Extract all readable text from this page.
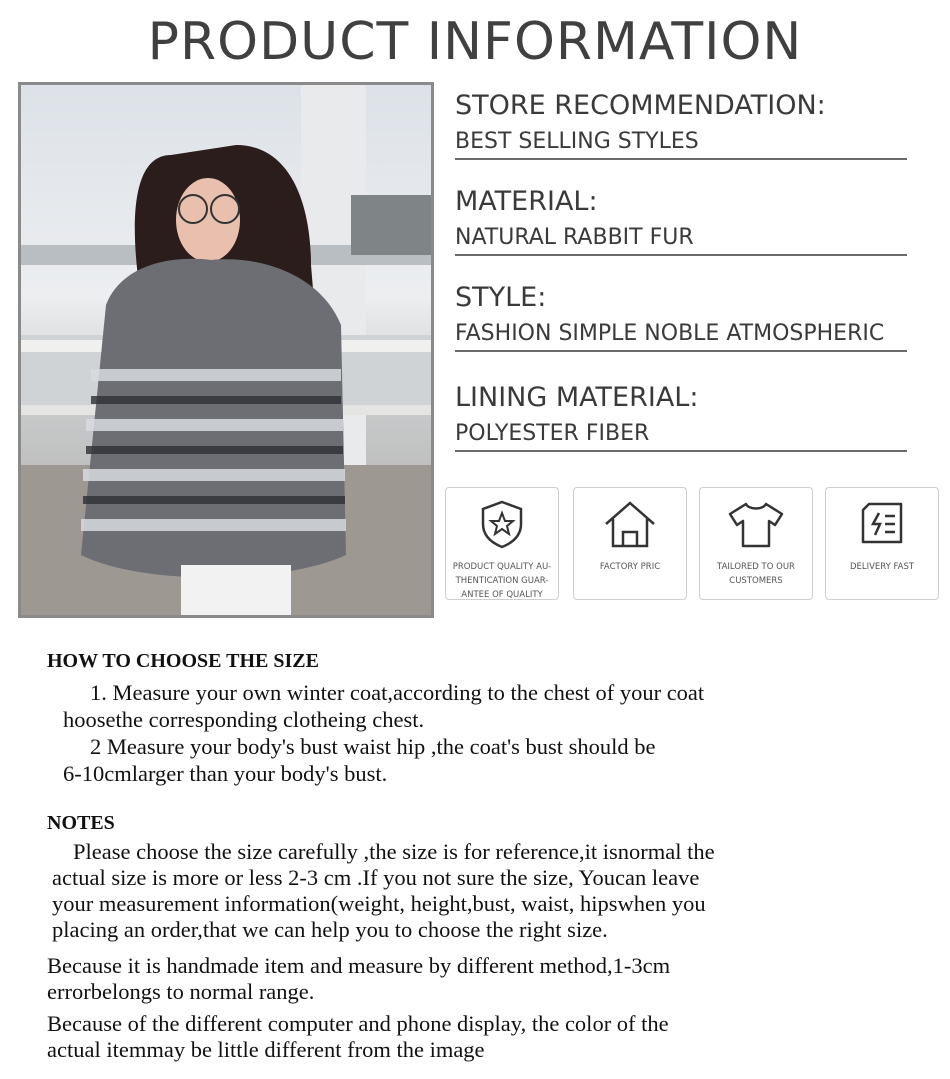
PRODUCT INFORMATION
STORE RECOMMENDATION:
BEST SELLING STYLES
MATERIAL:
NATURAL RABBIT FUR
STYLE:
FASHION SIMPLE NOBLE ATMOSPHERIC
LINING MATERIAL:
POLYESTER FIBER
PRODUCT QUALITY AU-THENTICATION GUAR-ANTEE OF QUALITY
FACTORY PRIC	TAILORED TO OUR CUSTOMERS
DELIVERY FAST
HOW TO CHOOSE THE SIZE
1. Measure your own winter coat,according to the chest of your coat
hoosethe corresponding clotheing chest.
2 Measure your body's bust waist hip ,the coat's bust should be
6-10cmlarger than your body's bust.
NOTES
Please choose the size carefully ,the size is for reference,it isnormal the
actual size is more or less 2-3 cm .If you not sure the size, Youcan leave
your measurement information(weight, height,bust, waist, hipswhen you
placing an order,that we can help you to choose the right size.
Because it is handmade item and measure by different method,1-3cm
errorbelongs to normal range.
Because of the different computer and phone display, the color of the
actual itemmay be little different from the image
